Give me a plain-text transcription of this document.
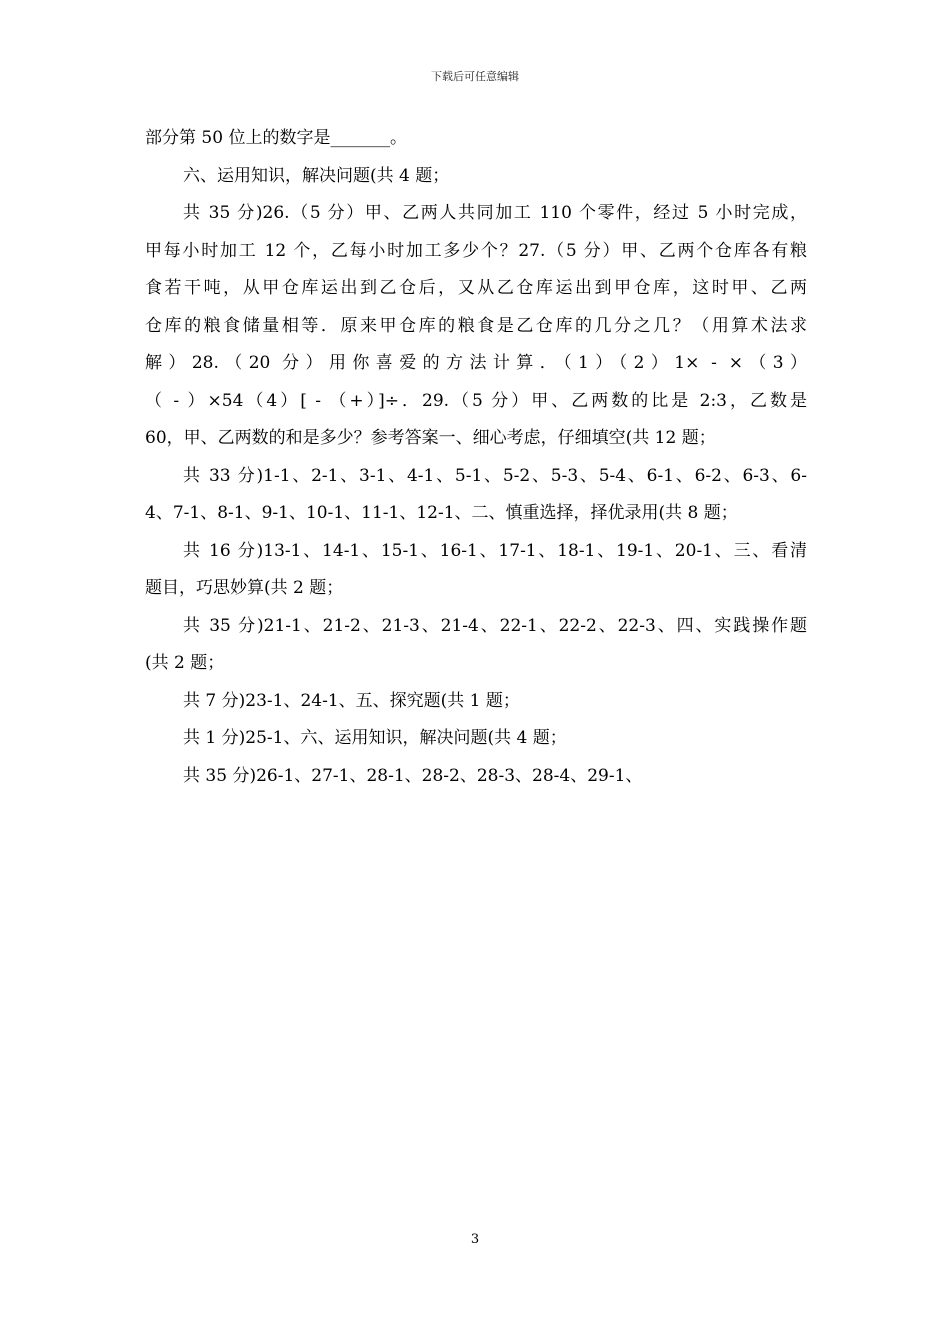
下载后可任意编辑

部分第 50 位上的数字是_______。

六、运用知识，解决问题(共 4 题；

共 35 分)26.（5 分）甲、乙两人共同加工 110 个零件，经过 5 小时完成，

甲每小时加工 12 个，乙每小时加工多少个？27.（5 分）甲、乙两个仓库各有粮

食若干吨，从甲仓库运出到乙仓后，又从乙仓库运出到甲仓库，这时甲、乙两

仓库的粮食储量相等．原来甲仓库的粮食是乙仓库的几分之几？（用算术法求

解）28.（20 分）用你喜爱的方法计算．（1）（2）1× - ×（3）

（ - ）×54（4）[ - （+）]÷．29.（5 分）甲、乙两数的比是 2:3，乙数是

60，甲、乙两数的和是多少？参考答案一、细心考虑，仔细填空(共 12 题；

共 33 分)1-1、2-1、3-1、4-1、5-1、5-2、5-3、5-4、6-1、6-2、6-3、6-

4、7-1、8-1、9-1、10-1、11-1、12-1、二、慎重选择，择优录用(共 8 题；

共 16 分)13-1、14-1、15-1、16-1、17-1、18-1、19-1、20-1、三、看清

题目，巧思妙算(共 2 题；

共 35 分)21-1、21-2、21-3、21-4、22-1、22-2、22-3、四、实践操作题

(共 2 题；

共 7 分)23-1、24-1、五、探究题(共 1 题；

共 1 分)25-1、六、运用知识，解决问题(共 4 题；

共 35 分)26-1、27-1、28-1、28-2、28-3、28-4、29-1、

3
